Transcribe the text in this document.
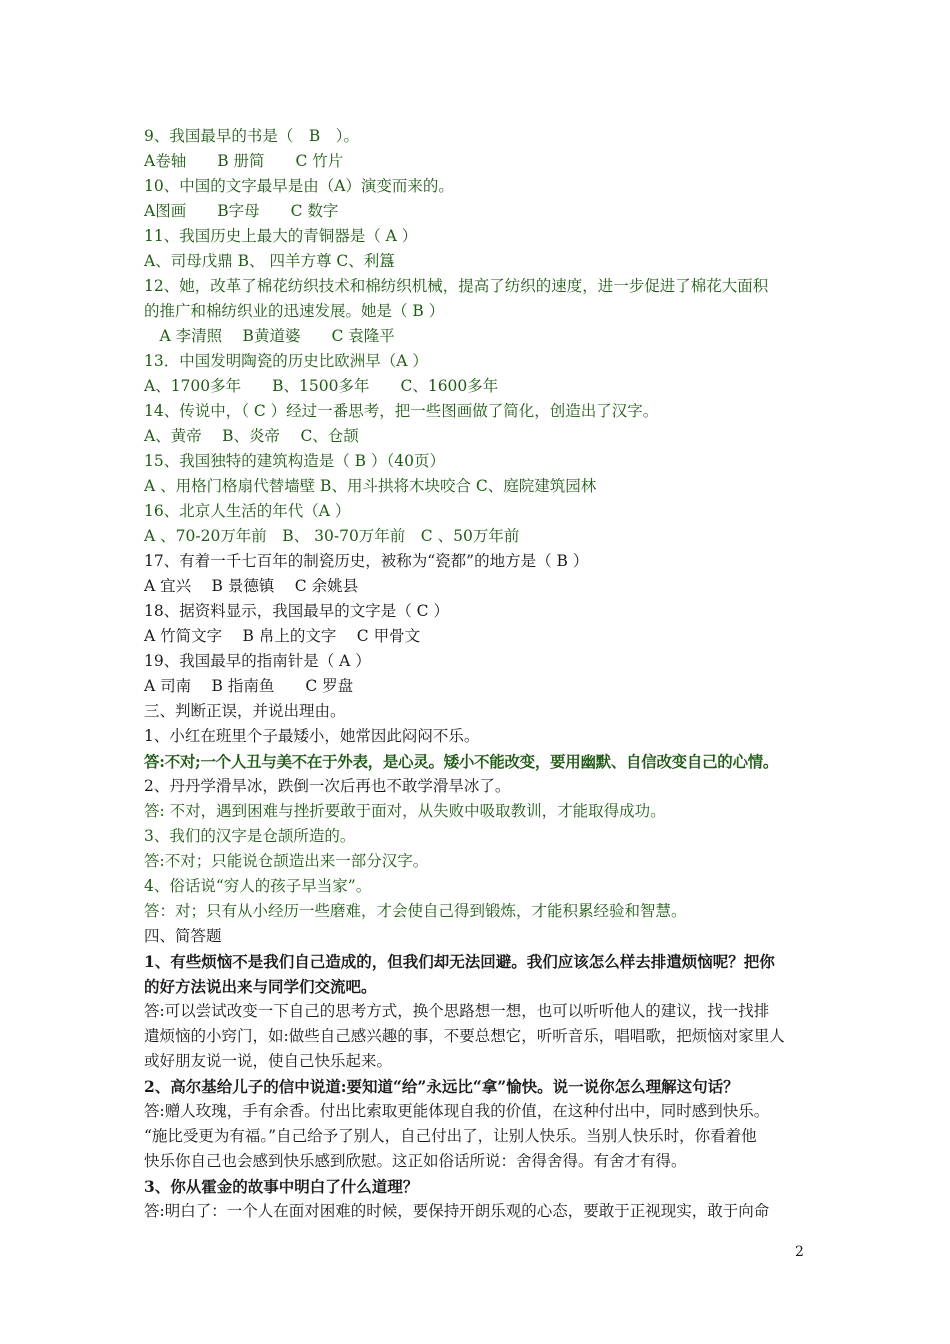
9、我国最早的书是（　B　）。
A卷轴　　B 册简　　C 竹片
10、中国的文字最早是由（A）演变而来的。
A图画　　B字母　　C 数字
11、我国历史上最大的青铜器是（ A ）
A、司母戊鼎 B、 四羊方尊 C、利簋
12、她，改革了棉花纺织技术和棉纺织机械，提高了纺织的速度，进一步促进了棉花大面积
的推广和棉纺织业的迅速发展。她是（ B ）
　A 李清照　 B黄道婆　　C 袁隆平
13．中国发明陶瓷的历史比欧洲早（A ）
A、1700多年　　B、1500多年　　C、1600多年
14、传说中，（ C ）经过一番思考，把一些图画做了简化，创造出了汉字。
A、黄帝　 B、炎帝　 C、仓颉
15、我国独特的建筑构造是（ B ）（40页）
A 、用格门格扇代替墙壁 B、用斗拱将木块咬合 C、庭院建筑园林
16、北京人生活的年代（A ）
A 、70-20万年前　B、 30-70万年前　C 、50万年前
17、有着一千七百年的制瓷历史，被称为“瓷都”的地方是（ B ）
A 宜兴　 B 景德镇　 C 余姚县
18、据资料显示，我国最早的文字是（ C ）
A 竹简文字　 B 帛上的文字　 C 甲骨文
19、我国最早的指南针是（ A ）
A 司南　 B 指南鱼　　C 罗盘
三、判断正误，并说出理由。
1、小红在班里个子最矮小，她常因此闷闷不乐。
答:不对;一个人丑与美不在于外表，是心灵。矮小不能改变，要用幽默、自信改变自己的心情。
2、丹丹学滑旱冰，跌倒一次后再也不敢学滑旱冰了。
答: 不对，遇到困难与挫折要敢于面对，从失败中吸取教训，才能取得成功。
3、我们的汉字是仓颉所造的。
答:不对；只能说仓颉造出来一部分汉字。
4、俗话说“穷人的孩子早当家”。
答：对；只有从小经历一些磨难，才会使自己得到锻炼，才能积累经验和智慧。
四、简答题
1、有些烦恼不是我们自己造成的，但我们却无法回避。我们应该怎么样去排遣烦恼呢？把你
的好方法说出来与同学们交流吧。
答:可以尝试改变一下自己的思考方式，换个思路想一想，也可以听听他人的建议，找一找排
遣烦恼的小窍门，如:做些自己感兴趣的事，不要总想它，听听音乐，唱唱歌，把烦恼对家里人
或好朋友说一说，使自己快乐起来。
2、高尔基给儿子的信中说道:要知道“给”永远比“拿”愉快。说一说你怎么理解这句话？
答:赠人玫瑰，手有余香。付出比索取更能体现自我的价值，在这种付出中，同时感到快乐。
“施比受更为有福。”自己给予了别人，自己付出了，让别人快乐。当别人快乐时，你看着他
快乐你自己也会感到快乐感到欣慰。这正如俗话所说：舍得舍得。有舍才有得。
3、你从霍金的故事中明白了什么道理？
答:明白了：一个人在面对困难的时候，要保持开朗乐观的心态，要敢于正视现实，敢于向命
2
